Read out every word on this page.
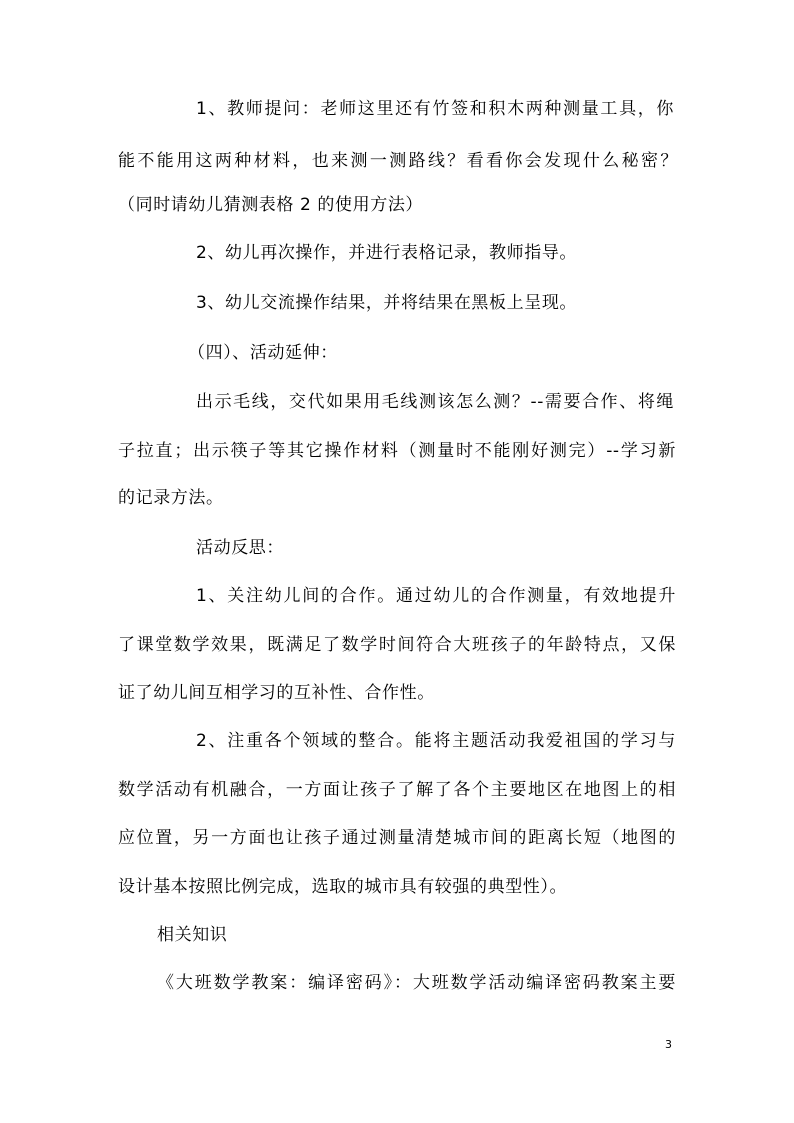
1、教师提问：老师这里还有竹签和积木两种测量工具，你
能不能用这两种材料，也来测一测路线？看看你会发现什么秘密？
（同时请幼儿猜测表格 2 的使用方法）
2、幼儿再次操作，并进行表格记录，教师指导。
3、幼儿交流操作结果，并将结果在黑板上呈现。
（四）、活动延伸：
出示毛线，交代如果用毛线测该怎么测？--需要合作、将绳
子拉直；出示筷子等其它操作材料（测量时不能刚好测完）--学习新
的记录方法。
活动反思：
1、关注幼儿间的合作。通过幼儿的合作测量，有效地提升
了课堂数学效果，既满足了数学时间符合大班孩子的年龄特点，又保
证了幼儿间互相学习的互补性、合作性。
2、注重各个领域的整合。能将主题活动我爱祖国的学习与
数学活动有机融合，一方面让孩子了解了各个主要地区在地图上的相
应位置，另一方面也让孩子通过测量清楚城市间的距离长短（地图的
设计基本按照比例完成，选取的城市具有较强的典型性）。
相关知识
《大班数学教案：编译密码》：大班数学活动编译密码教案主要
3
